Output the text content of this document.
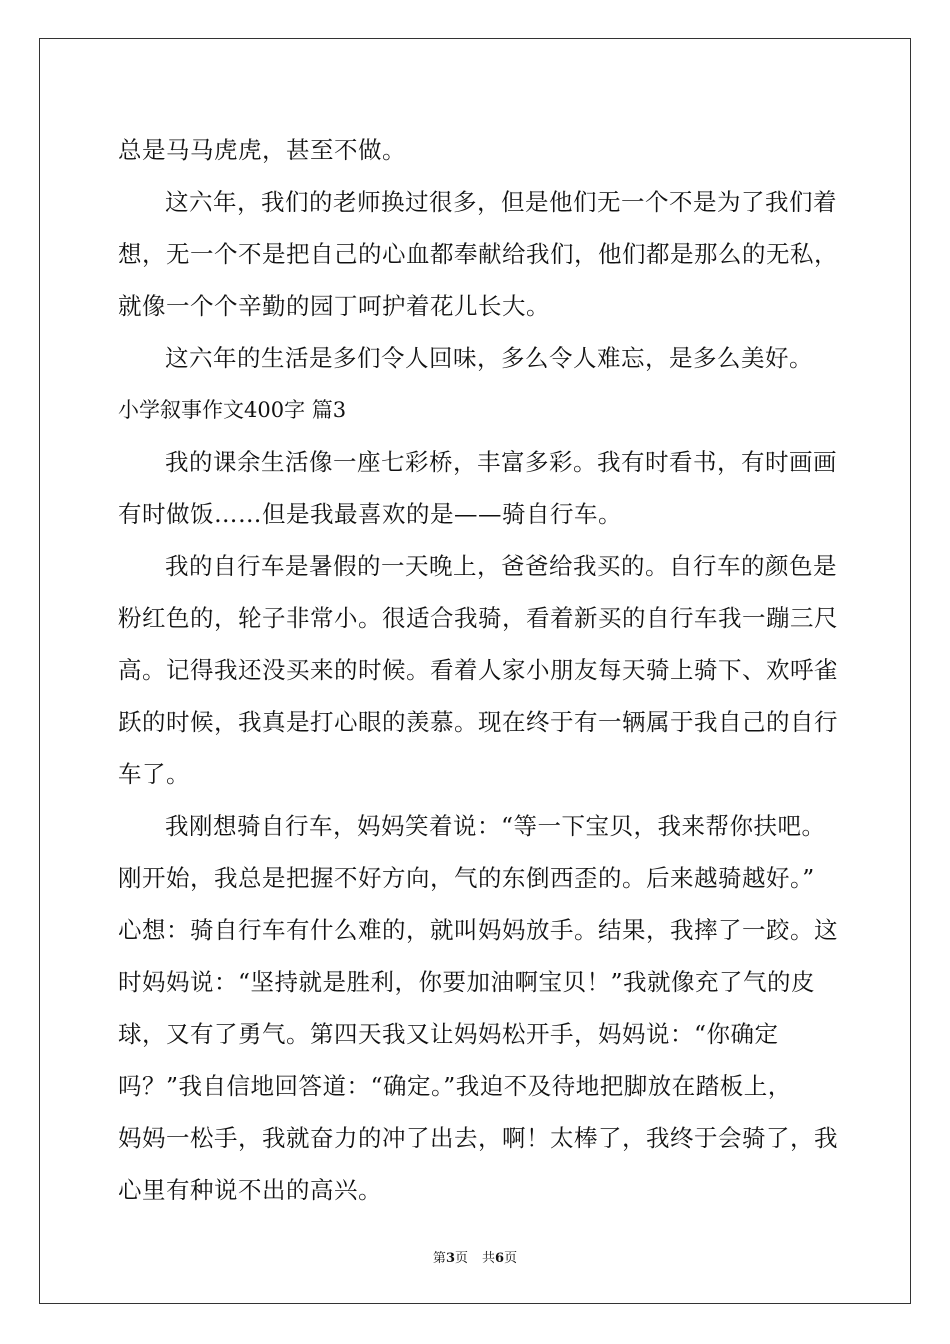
总是马马虎虎，甚至不做。
这六年，我们的老师换过很多，但是他们无一个不是为了我们着
想，无一个不是把自己的心血都奉献给我们，他们都是那么的无私，
就像一个个辛勤的园丁呵护着花儿长大。
这六年的生活是多们令人回味，多么令人难忘，是多么美好。
小学叙事作文400字 篇3
我的课余生活像一座七彩桥，丰富多彩。我有时看书，有时画画
有时做饭……但是我最喜欢的是——骑自行车。
我的自行车是暑假的一天晚上，爸爸给我买的。自行车的颜色是
粉红色的，轮子非常小。很适合我骑，看着新买的自行车我一蹦三尺
高。记得我还没买来的时候。看着人家小朋友每天骑上骑下、欢呼雀
跃的时候，我真是打心眼的羡慕。现在终于有一辆属于我自己的自行
车了。
我刚想骑自行车，妈妈笑着说：“等一下宝贝，我来帮你扶吧。
刚开始，我总是把握不好方向，气的东倒西歪的。后来越骑越好。”
心想：骑自行车有什么难的，就叫妈妈放手。结果，我摔了一跤。这
时妈妈说：“坚持就是胜利，你要加油啊宝贝！”我就像充了气的皮
球，又有了勇气。第四天我又让妈妈松开手，妈妈说：“你确定
吗？”我自信地回答道：“确定。”我迫不及待地把脚放在踏板上，
妈妈一松手，我就奋力的冲了出去，啊！太棒了，我终于会骑了，我
心里有种说不出的高兴。
第3页 共6页
